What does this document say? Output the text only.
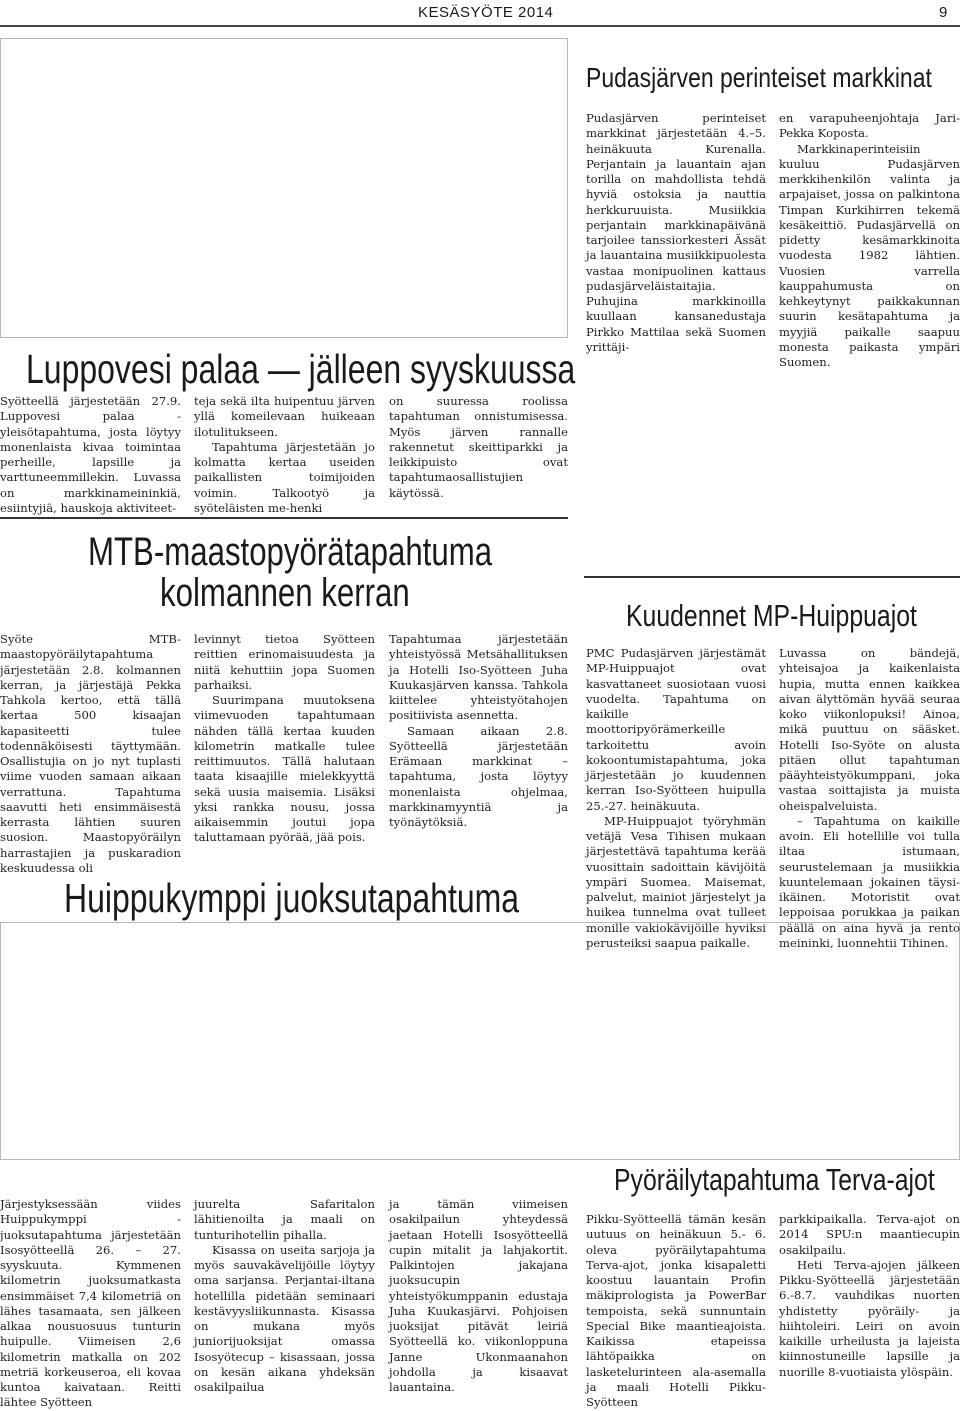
KESÄSYÖTE 2014	9
Pudasjärven perinteiset markkinat

Pudasjärven perinteiset markkinat järjestetään 4.–5. heinäkuuta Kurenalla. Perjantain ja lauantain ajan torilla on mahdollista tehdä hyviä ostoksia ja nauttia herkkuruuista. Musiikkia perjantain markkinapäivänä tarjoilee tanssiorkesteri Ässät ja lauantaina musiikkipuolesta vastaa monipuolinen kattaus pudasjärveläistaitajia. Puhujina markkinoilla kuullaan kansanedustaja Pirkko Mattilaa sekä Suomen yrittäji-

en varapuheenjohtaja Jari-Pekka Koposta.

Markkinaperinteisiin kuuluu Pudasjärven merkkihenkilön valinta ja arpajaiset, jossa on palkintona Timpan Kurkihirren tekemä kesäkeittiö. Pudasjärvellä on pidetty kesämarkkinoita vuodesta 1982 lähtien. Vuosien varrella kauppahumusta on kehkeytynyt paikkakunnan suurin kesätapahtuma ja myyjiä paikalle saapuu monesta paikasta ympäri Suomen.

Luppovesi palaa — jälleen syyskuussa

Syötteellä järjestetään 27.9. Luppovesi palaa -yleisötapahtuma, josta löytyy monenlaista kivaa toimintaa perheille, lapsille ja varttuneemmillekin. Luvassa on markkinameininkiä, esiintyjiä, hauskoja aktiviteet-

teja sekä ilta huipentuu järven yllä komeilevaan huikeaan ilotulitukseen.

Tapahtuma järjestetään jo kolmatta kertaa useiden paikallisten toimijoiden voimin. Talkootyö ja syöteläisten me-henki

on suuressa roolissa tapahtuman onnistumisessa. Myös järven rannalle rakennetut skeittiparkki ja leikkipuisto ovat tapahtumaosallistujien käytössä.

MTB-maastopyörätapahtuma
kolmannen kerran

Syöte MTB-maastopyöräilytapahtuma järjestetään 2.8. kolmannen kerran, ja järjestäjä Pekka Tahkola kertoo, että tällä kertaa 500 kisaajan kapasiteetti tulee todennäköisesti täyttymään. Osallistujia on jo nyt tuplasti viime vuoden samaan aikaan verrattuna. Tapahtuma saavutti heti ensimmäisestä kerrasta lähtien suuren suosion. Maastopyöräilyn harrastajien ja puskaradion keskuudessa oli

levinnyt tietoa Syötteen reittien erinomaisuudesta ja niitä kehuttiin jopa Suomen parhaiksi.

Suurimpana muutoksena viimevuoden tapahtumaan nähden tällä kertaa kuuden kilometrin matkalle tulee reittimuutos. Tällä halutaan taata kisaajille mielekkyyttä sekä uusia maisemia. Lisäksi yksi rankka nousu, jossa aikaisemmin joutui jopa taluttamaan pyörää, jää pois.

Tapahtumaa järjestetään yhteistyössä Metsähallituksen ja Hotelli Iso-Syötteen Juha Kuukasjärven kanssa. Tahkola kiittelee yhteistyötahojen positiivista asennetta.

Samaan aikaan 2.8. Syötteellä järjestetään Erämaan markkinat – tapahtuma, josta löytyy monenlaista ohjelmaa, markkinamyyntiä ja työnäytöksiä.

Huippukymppi juoksutapahtuma
Kuudennet MP-Huippuajot

PMC Pudasjärven järjestämät MP-Huippuajot ovat kasvattaneet suosiotaan vuosi vuodelta. Tapahtuma on kaikille moottoripyörämerkeille tarkoitettu avoin kokoontumistapahtuma, joka järjestetään jo kuudennen kerran Iso-Syötteen huipulla 25.-27. heinäkuuta.

MP-Huippuajot työryhmän vetäjä Vesa Tihisen mukaan järjestettävä tapahtuma kerää vuosittain sadoittain kävijöitä ympäri Suomea. Maisemat, palvelut, mainiot järjestelyt ja huikea tunnelma ovat tulleet monille vakiokävijöille hyviksi perusteiksi saapua paikalle.

Luvassa on bändejä, yhteisajoa ja kaikenlaista hupia, mutta ennen kaikkea aivan älyttömän hyvää seuraa koko viikonlopuksi! Ainoa, mikä puuttuu on sääsket. Hotelli Iso-Syöte on alusta pitäen ollut tapahtuman pääyhteistyökumppani, joka vastaa soittajista ja muista oheispalveluista.

– Tapahtuma on kaikille avoin. Eli hotellille voi tulla iltaa istumaan, seurustelemaan ja musiikkia kuuntelemaan jokainen täysi-ikäinen. Motoristit ovat leppoisaa porukkaa ja paikan päällä on aina hyvä ja rento meininki, luonnehtii Tihinen.

Järjestyksessään viides Huippukymppi -juoksutapahtuma järjestetään Isosyötteellä 26. – 27. syyskuuta. Kymmenen kilometrin juoksumatkasta ensimmäiset 7,4 kilometriä on lähes tasamaata, sen jälkeen alkaa nousuosuus tunturin huipulle. Viimeisen 2,6 kilometrin matkalla on 202 metriä korkeuseroa, eli kovaa kuntoa kaivataan. Reitti lähtee Syötteen

juurelta Safaritalon lähitienoilta ja maali on tunturihotellin pihalla.

Kisassa on useita sarjoja ja myös sauvakävelijöille löytyy oma sarjansa. Perjantai-iltana hotellilla pidetään seminaari kestävyysliikunnasta. Kisassa on mukana myös juniorijuoksijat omassa Isosyötecup – kisassaan, jossa on kesän aikana yhdeksän osakilpailua

ja tämän viimeisen osakilpailun yhteydessä jaetaan Hotelli Isosyötteellä cupin mitalit ja lahjakortit. Palkintojen jakajana juoksucupin yhteistyökumppanin edustaja Juha Kuukasjärvi. Pohjoisen juoksijat pitävät leiriä Syötteellä ko. viikonloppuna Janne Ukonmaanahon johdolla ja kisaavat lauantaina.

Pyöräilytapahtuma Terva-ajot

Pikku-Syötteellä tämän kesän uutuus on heinäkuun 5.- 6. oleva pyöräilytapahtuma Terva-ajot, jonka kisapaletti koostuu lauantain Profin mäkiprologista ja PowerBar tempoista, sekä sunnuntain Special Bike maantieajoista. Kaikissa etapeissa lähtöpaikka on lasketelurinteen ala-asemalla ja maali Hotelli Pikku-Syötteen

parkkipaikalla. Terva-ajot on 2014 SPU:n maantiecupin osakilpailu.

Heti Terva-ajojen jälkeen Pikku-Syötteellä järjestetään 6.-8.7. vauhdikas nuorten yhdistetty pyöräily- ja hiihtoleiri. Leiri on avoin kaikille urheilusta ja lajeista kiinnostuneille lapsille ja nuorille 8-vuotiaista ylöspäin.
